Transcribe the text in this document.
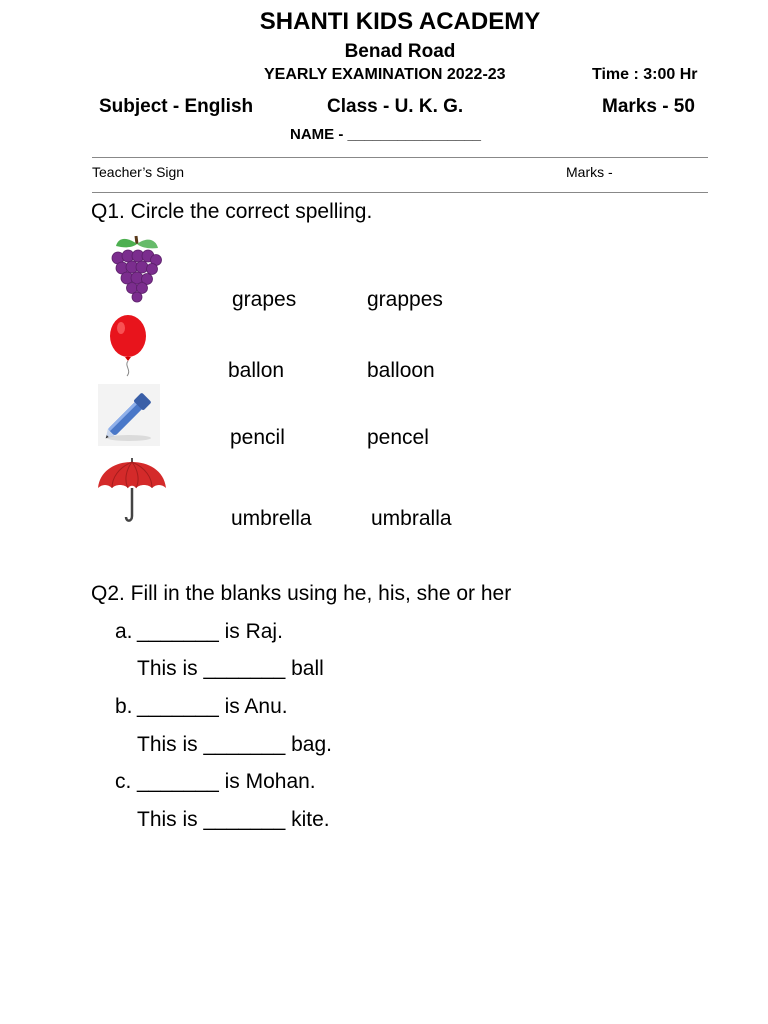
SHANTI KIDS ACADEMY
Benad Road
YEARLY EXAMINATION 2022-23	Time : 3:00 Hr
Subject - English	Class - U. K. G.	Marks - 50
NAME - ________________
Teacher’s Sign	Marks -
Q1. Circle the correct spelling.
grapes	grappes
ballon	balloon
pencil	pencel
umbrella	umbralla
Q2. Fill in the blanks using he, his, she or her
a. _______ is Raj.
This is _______ ball
b. _______ is Anu.
This is _______ bag.
c. _______ is Mohan.
This is _______ kite.
